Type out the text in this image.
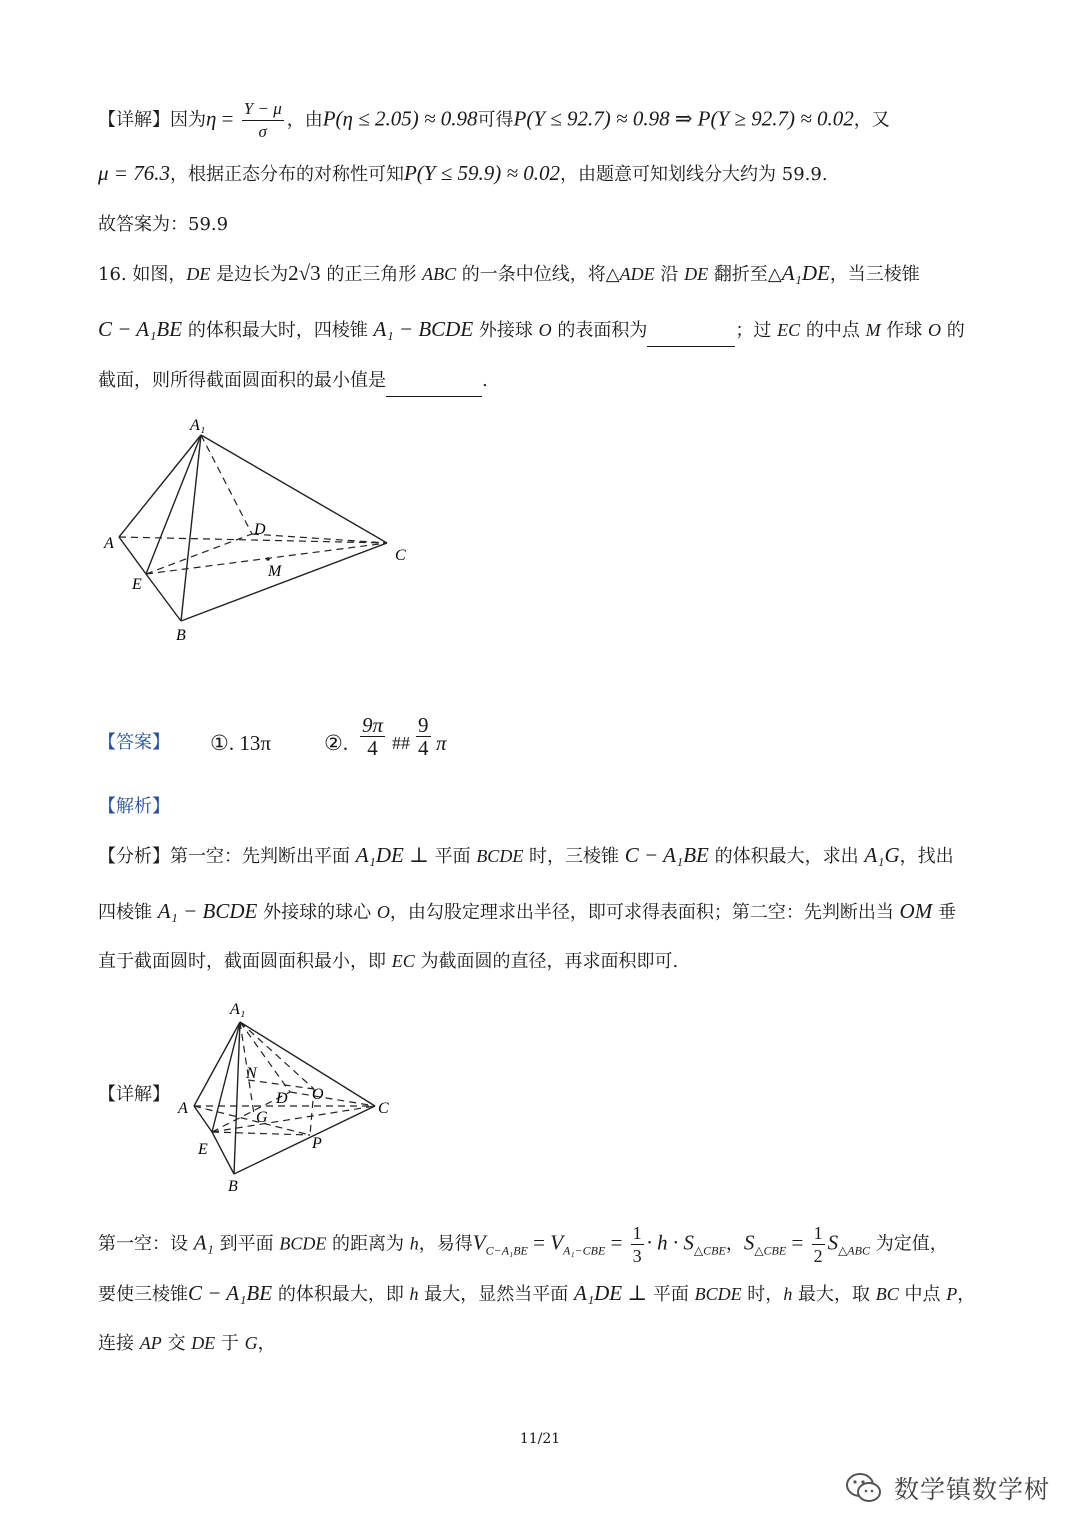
【详解】因为$\eta = \frac{Y - \mu}{\sigma}$ ，由P(η ≤ 2.05) ≈ 0.98可得P(Y ≤ 92.7) ≈ 0.98 ⇒ P(Y ≥ 92.7) ≈ 0.02，又
μ = 76.3，根据正态分布的对称性可知P(Y ≤ 59.9) ≈ 0.02，由题意可知划线分大约为 59.9.
故答案为：59.9
16. 如图，DE 是边长为2√3 的正三角形 ABC 的一条中位线，将△ADE 沿 DE 翻折至△A₁DE，当三棱锥
C − A₁BE 的体积最大时，四棱锥 A₁ − BCDE 外接球 O 的表面积为	；过 EC 的中点 M 作球 O 的
截面，则所得截面圆面积的最小值是	.
A₁
A
D
C
E
M
B
【答案】 ①. 13π	②. $\frac{9\pi}{4}$ ## $\frac{9}{4}$ π
【解析】
【分析】第一空：先判断出平面 A₁DE ⊥ 平面 BCDE 时，三棱锥 C − A₁BE 的体积最大，求出 A₁G，找出
四棱锥 A₁ − BCDE 外接球的球心 O，由勾股定理求出半径，即可求得表面积；第二空：先判断出当 OM 垂
直于截面圆时，截面圆面积最小，即 EC 为截面圆的直径，再求面积即可.
【详解】
A₁
N
D O
A	C
G
E	P
B
第一空：设 A₁ 到平面 BCDE 的距离为 h，易得$V_{C-A_1BE} = V_{A_1-CBE} = \frac{1}{3} \cdot h \cdot S_{\triangle CBE}$，$S_{\triangle CBE} = \frac{1}{2} S_{\triangle ABC}$ 为定值，
要使三棱锥C − A₁BE 的体积最大，即 h 最大，显然当平面 A₁DE ⊥ 平面 BCDE 时，h 最大，取 BC 中点 P，
连接 AP 交 DE 于 G，
11/21
数学镇数学树
